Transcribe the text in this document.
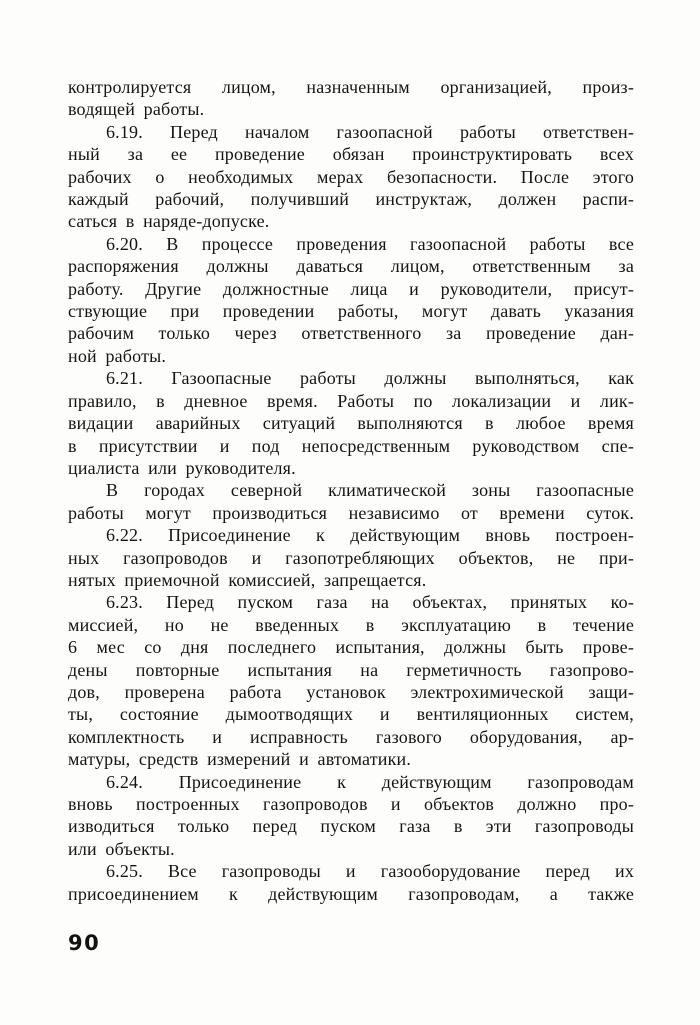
контролируется лицом, назначенным организацией, произ-
водящей работы.
6.19. Перед началом газоопасной работы ответствен-
ный за ее проведение обязан проинструктировать всех
рабочих о необходимых мерах безопасности. После этого
каждый рабочий, получивший инструктаж, должен распи-
саться в наряде-допуске.
6.20. В процессе проведения газоопасной работы все
распоряжения должны даваться лицом, ответственным за
работу. Другие должностные лица и руководители, присут-
ствующие при проведении работы, могут давать указания
рабочим только через ответственного за проведение дан-
ной работы.
6.21. Газоопасные работы должны выполняться, как
правило, в дневное время. Работы по локализации и лик-
видации аварийных ситуаций выполняются в любое время
в присутствии и под непосредственным руководством спе-
циалиста или руководителя.
В городах северной климатической зоны газоопасные
работы могут производиться независимо от времени суток.
6.22. Присоединение к действующим вновь построен-
ных газопроводов и газопотребляющих объектов, не при-
нятых приемочной комиссией, запрещается.
6.23. Перед пуском газа на объектах, принятых ко-
миссией, но не введенных в эксплуатацию в течение
6 мес со дня последнего испытания, должны быть прове-
дены повторные испытания на герметичность газопрово-
дов, проверена работа установок электрохимической защи-
ты, состояние дымоотводящих и вентиляционных систем,
комплектность и исправность газового оборудования, ар-
матуры, средств измерений и автоматики.
6.24. Присоединение к действующим газопроводам
вновь построенных газопроводов и объектов должно про-
изводиться только перед пуском газа в эти газопроводы
или объекты.
6.25. Все газопроводы и газооборудование перед их
присоединением к действующим газопроводам, а также
90
